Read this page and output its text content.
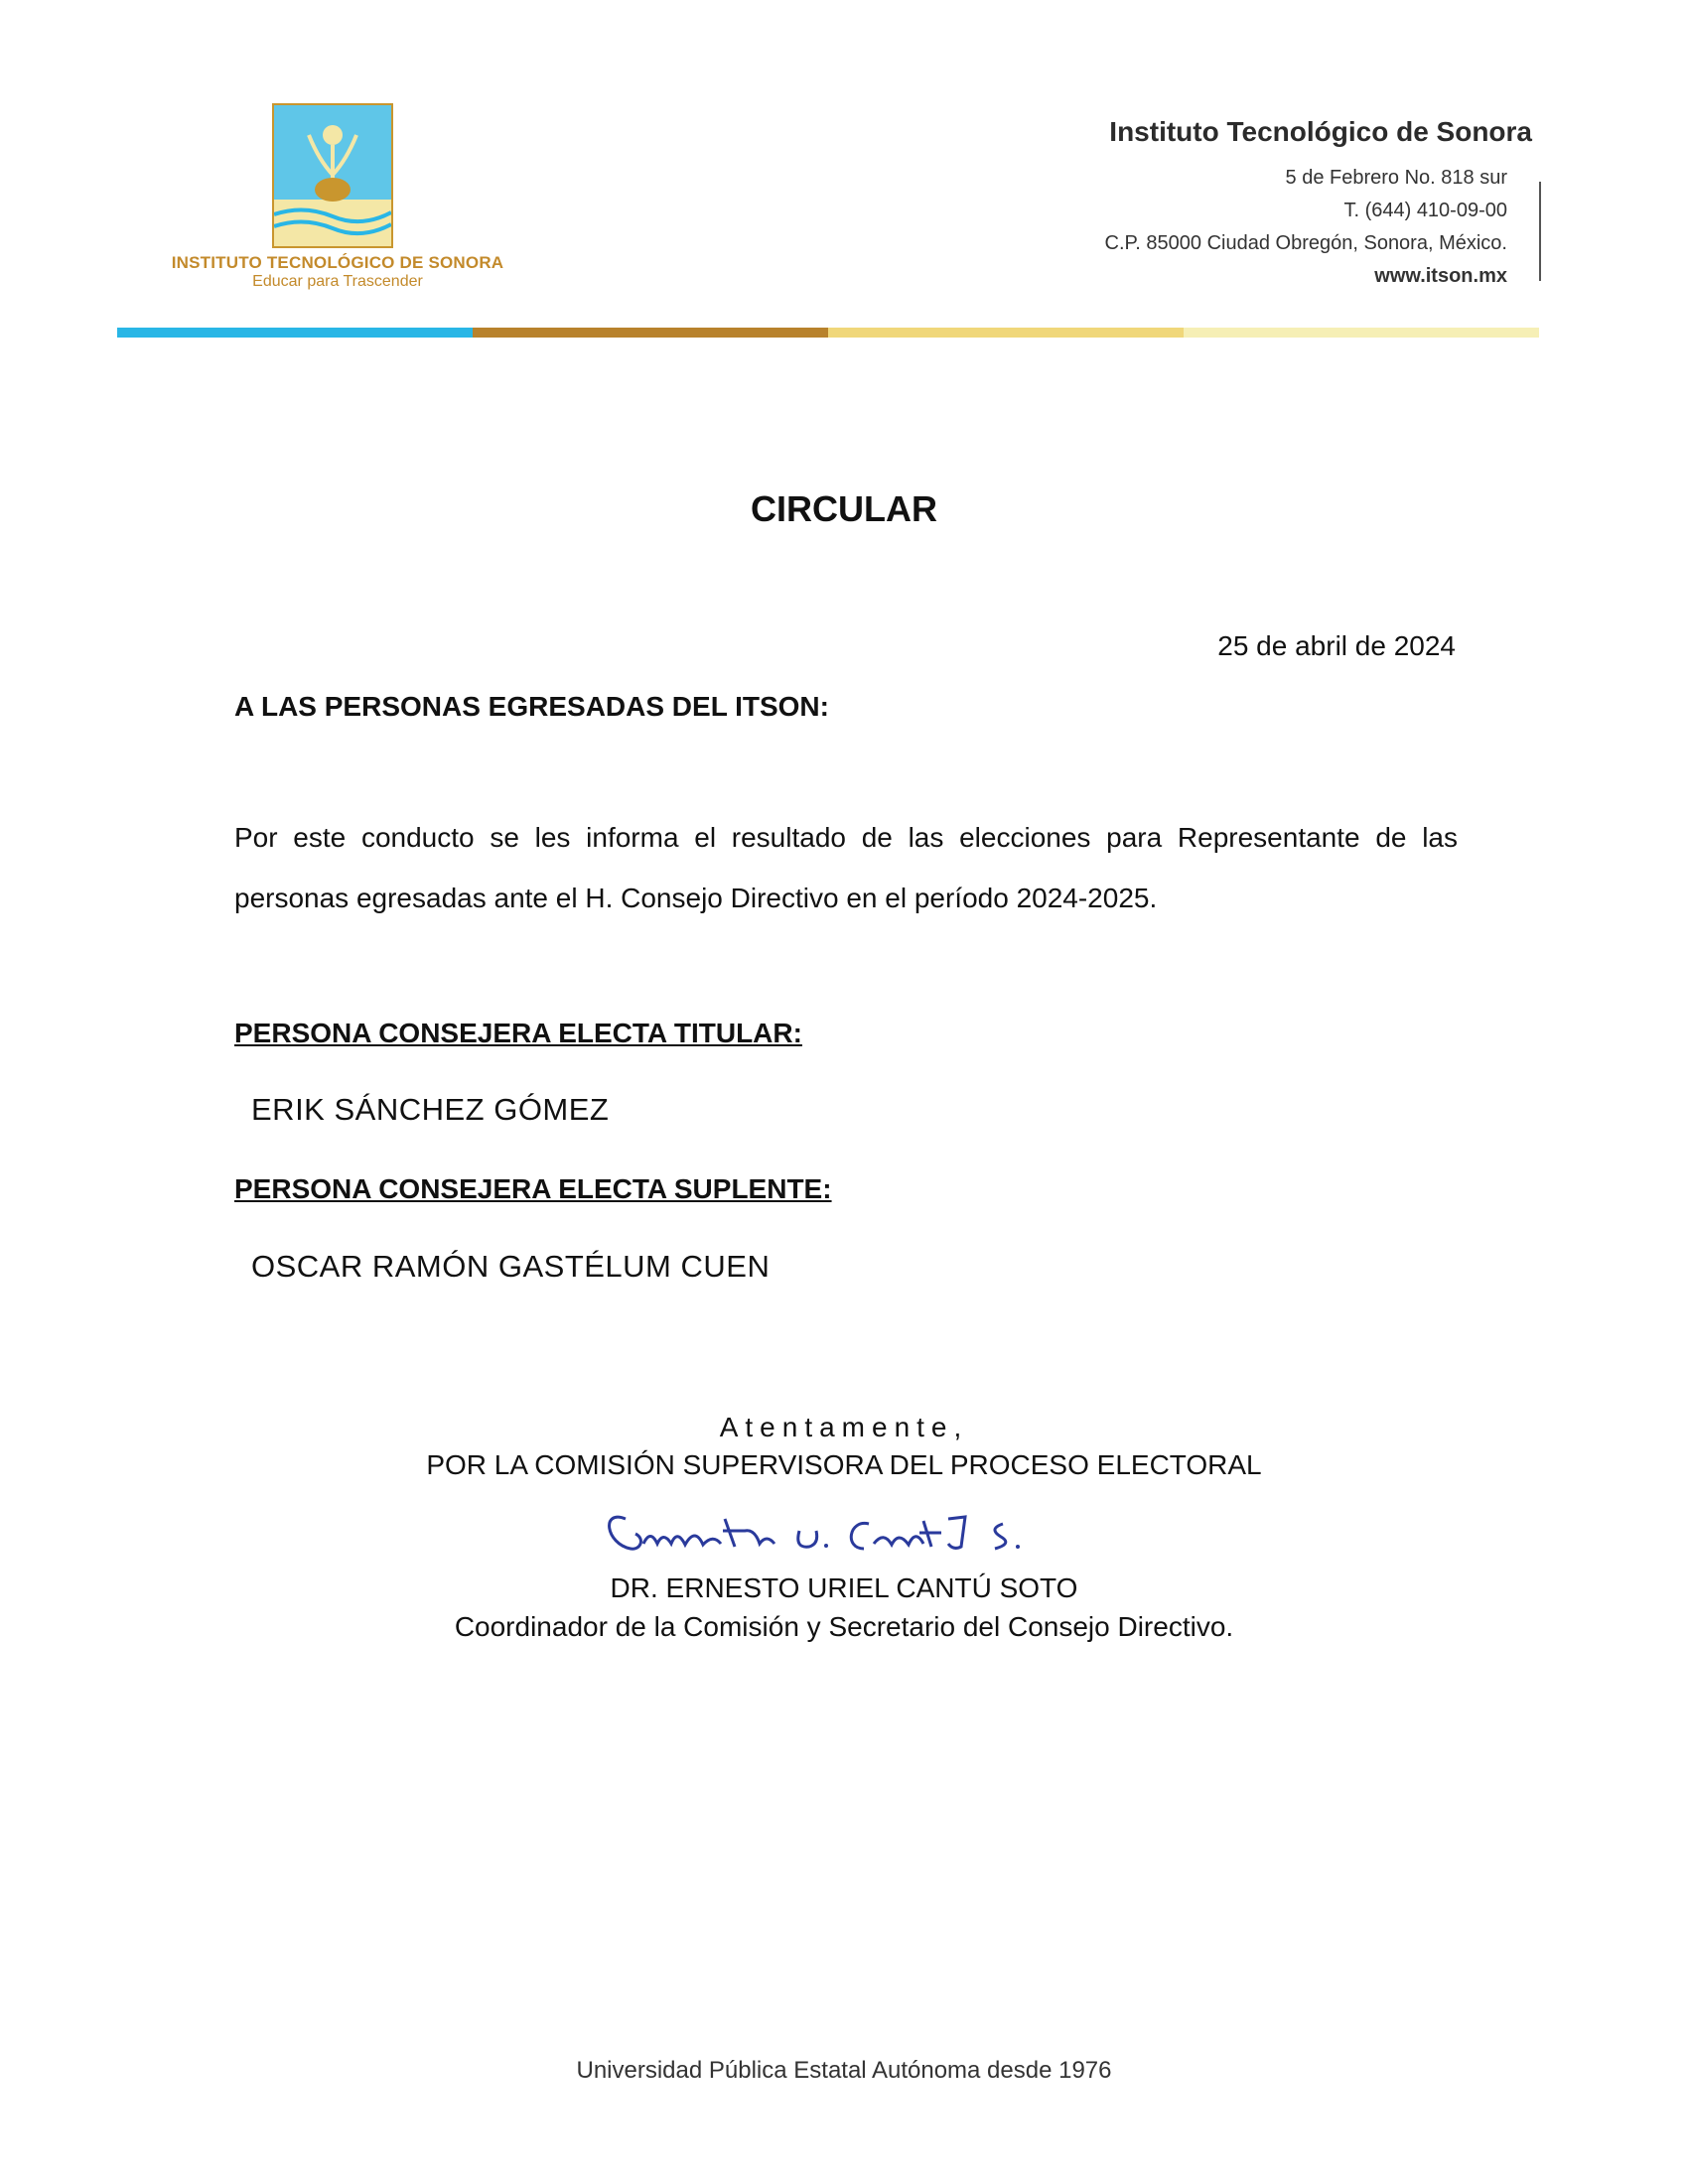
INSTITUTO TECNOLÓGICO DE SONORA
Educar para Trascender
Instituto Tecnológico de Sonora
5 de Febrero No. 818 sur
T. (644) 410-09-00
C.P. 85000 Ciudad Obregón, Sonora, México.
www.itson.mx
CIRCULAR
25 de abril de 2024
A LAS PERSONAS EGRESADAS DEL ITSON:
Por este conducto se les informa el resultado de las elecciones para Representante de las personas egresadas ante el H. Consejo Directivo en el período 2024-2025.
PERSONA CONSEJERA ELECTA TITULAR:
ERIK SÁNCHEZ GÓMEZ
PERSONA CONSEJERA ELECTA SUPLENTE:
OSCAR RAMÓN GASTÉLUM CUEN
Atentamente,
POR LA COMISIÓN SUPERVISORA DEL PROCESO ELECTORAL
DR. ERNESTO URIEL CANTÚ SOTO
Coordinador de la Comisión y Secretario del Consejo Directivo.
Universidad Pública Estatal Autónoma desde 1976
